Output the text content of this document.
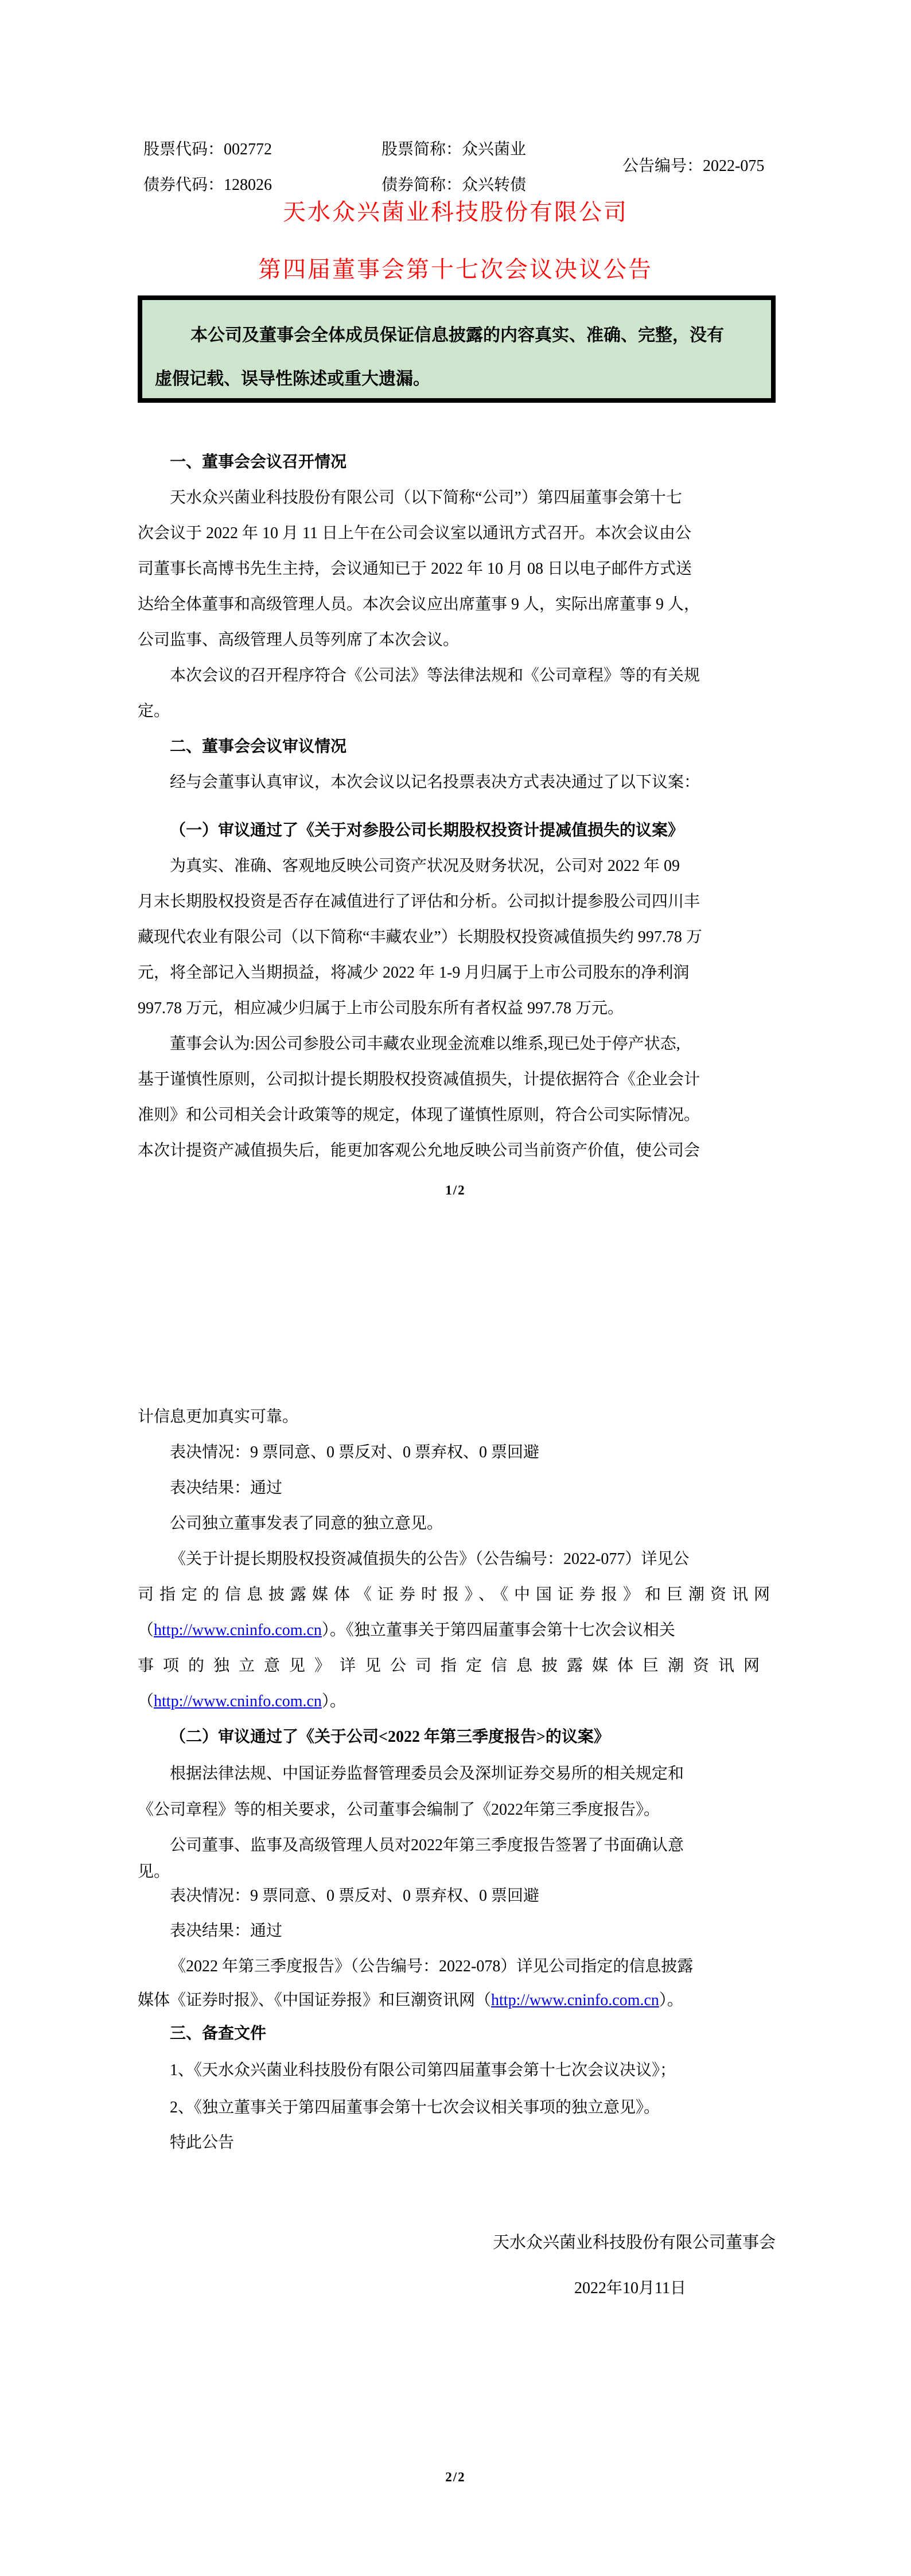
股票代码：002772	股票简称：众兴菌业
公告编号：2022-075
债券代码：128026	债券简称：众兴转债
天水众兴菌业科技股份有限公司
第四届董事会第十七次会议决议公告
本公司及董事会全体成员保证信息披露的内容真实、准确、完整，没有
虚假记载、误导性陈述或重大遗漏。
一、董事会会议召开情况
天水众兴菌业科技股份有限公司（以下简称“公司”）第四届董事会第十七
次会议于 2022 年 10 月 11 日上午在公司会议室以通讯方式召开。本次会议由公
司董事长高博书先生主持，会议通知已于 2022 年 10 月 08 日以电子邮件方式送
达给全体董事和高级管理人员。本次会议应出席董事 9 人，实际出席董事 9 人，
公司监事、高级管理人员等列席了本次会议。
本次会议的召开程序符合《公司法》等法律法规和《公司章程》等的有关规
定。
二、董事会会议审议情况
经与会董事认真审议，本次会议以记名投票表决方式表决通过了以下议案：
（一）审议通过了《关于对参股公司长期股权投资计提减值损失的议案》
为真实、准确、客观地反映公司资产状况及财务状况，公司对 2022 年 09
月末长期股权投资是否存在减值进行了评估和分析。公司拟计提参股公司四川丰
藏现代农业有限公司（以下简称“丰藏农业”）长期股权投资减值损失约 997.78 万
元，将全部记入当期损益，将减少 2022 年 1-9 月归属于上市公司股东的净利润
997.78 万元，相应减少归属于上市公司股东所有者权益 997.78 万元。
董事会认为:因公司参股公司丰藏农业现金流难以维系,现已处于停产状态,
基于谨慎性原则，公司拟计提长期股权投资减值损失，计提依据符合《企业会计
准则》和公司相关会计政策等的规定，体现了谨慎性原则，符合公司实际情况。
本次计提资产减值损失后，能更加客观公允地反映公司当前资产价值，使公司会
1/2
计信息更加真实可靠。
表决情况：9 票同意、0 票反对、0 票弃权、0 票回避
表决结果：通过
公司独立董事发表了同意的独立意见。
《关于计提长期股权投资减值损失的公告》（公告编号：2022-077）详见公
司指定的信息披露媒体《证券时报》、《中国证券报》和巨潮资讯网
（http://www.cninfo.com.cn）。《独立董事关于第四届董事会第十七次会议相关
事项的独立意见》详见公司指定信息披露媒体巨潮资讯网
（http://www.cninfo.com.cn）。
（二）审议通过了《关于公司<2022 年第三季度报告>的议案》
根据法律法规、中国证券监督管理委员会及深圳证券交易所的相关规定和
《公司章程》等的相关要求，公司董事会编制了《2022年第三季度报告》。
公司董事、监事及高级管理人员对2022年第三季度报告签署了书面确认意
见。
表决情况：9 票同意、0 票反对、0 票弃权、0 票回避
表决结果：通过
《2022 年第三季度报告》（公告编号：2022-078）详见公司指定的信息披露
媒体《证券时报》、《中国证券报》和巨潮资讯网（http://www.cninfo.com.cn）。
三、备查文件
1、《天水众兴菌业科技股份有限公司第四届董事会第十七次会议决议》；
2、《独立董事关于第四届董事会第十七次会议相关事项的独立意见》。
特此公告
天水众兴菌业科技股份有限公司董事会
2022年10月11日
2/2
